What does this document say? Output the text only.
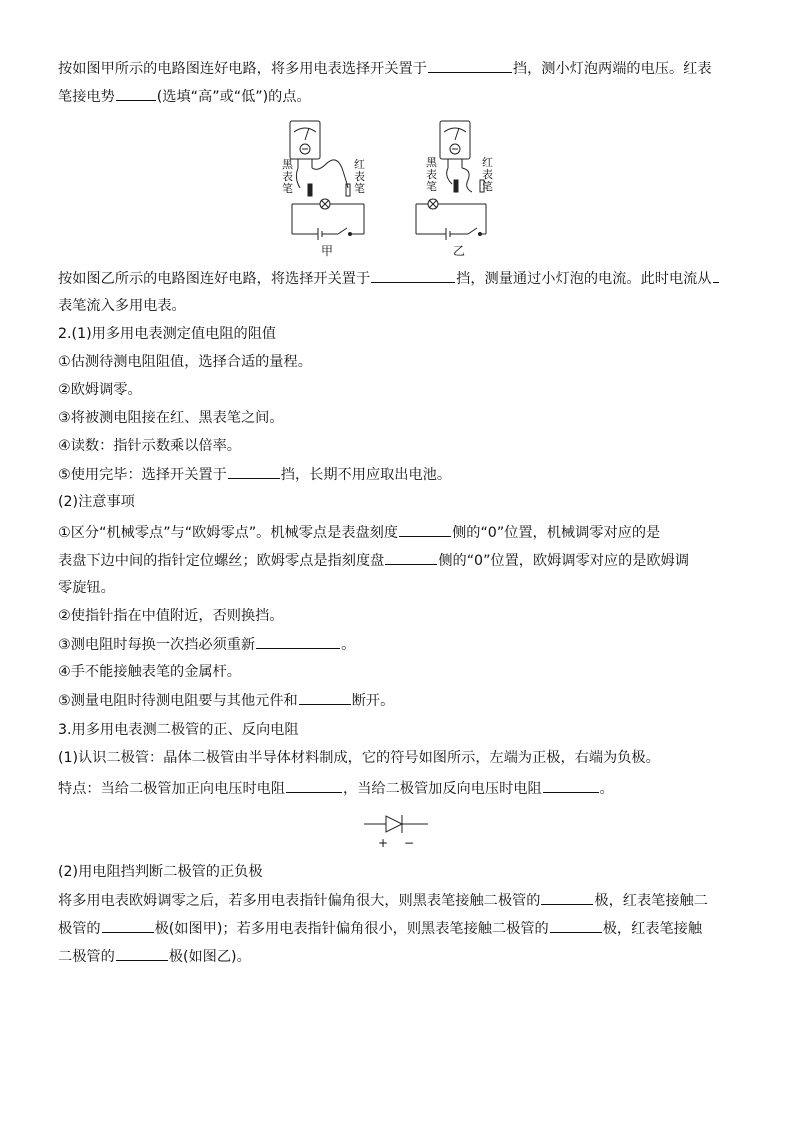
按如图甲所示的电路图连好电路，将多用电表选择开关置于	挡，测小灯泡两端的电压。红表
笔接电势	(选填“高”或“低”)的点。
黑表笔
红表笔
甲
黑表笔
红表笔
乙
按如图乙所示的电路图连好电路，将选择开关置于	挡，测量通过小灯泡的电流。此时电流从
表笔流入多用电表。
2.(1)用多用电表测定值电阻的阻值
①估测待测电阻阻值，选择合适的量程。
②欧姆调零。
③将被测电阻接在红、黑表笔之间。
④读数：指针示数乘以倍率。
⑤使用完毕：选择开关置于	挡，长期不用应取出电池。
(2)注意事项
①区分“机械零点”与“欧姆零点”。机械零点是表盘刻度	侧的“0”位置，机械调零对应的是
表盘下边中间的指针定位螺丝；欧姆零点是指刻度盘	侧的“0”位置，欧姆调零对应的是欧姆调
零旋钮。
②使指针指在中值附近，否则换挡。
③测电阻时每换一次挡必须重新	。
④手不能接触表笔的金属杆。
⑤测量电阻时待测电阻要与其他元件和	断开。
3.用多用电表测二极管的正、反向电阻
(1)认识二极管：晶体二极管由半导体材料制成，它的符号如图所示，左端为正极，右端为负极。
特点：当给二极管加正向电压时电阻	，当给二极管加反向电压时电阻	。
+ −
(2)用电阻挡判断二极管的正负极
将多用电表欧姆调零之后，若多用电表指针偏角很大，则黑表笔接触二极管的	极，红表笔接触二
极管的	极(如图甲)；若多用电表指针偏角很小，则黑表笔接触二极管的	极，红表笔接触
二极管的	极(如图乙)。
